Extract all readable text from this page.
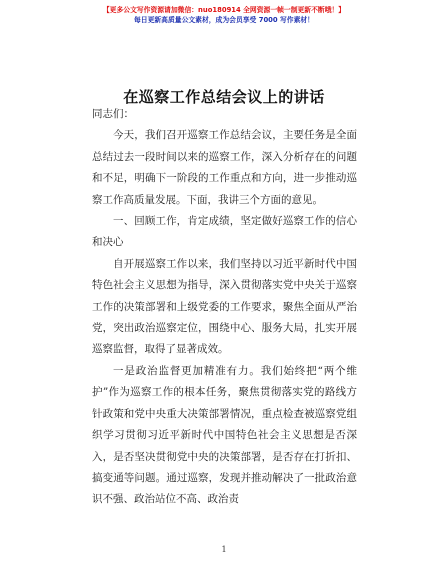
【更多公文写作资源请加微信：nuo180914 全网资源一帧一制更新不断哦！】
每日更新高质量公文素材，成为会员享受 7000 写作素材！
在巡察工作总结会议上的讲话

同志们：

今天，我们召开巡察工作总结会议，主要任务是全面总结过去一段时间以来的巡察工作，深入分析存在的问题和不足，明确下一阶段的工作重点和方向，进一步推动巡察工作高质量发展。下面，我讲三个方面的意见。

一、回顾工作，肯定成绩，坚定做好巡察工作的信心和决心

自开展巡察工作以来，我们坚持以习近平新时代中国特色社会主义思想为指导，深入贯彻落实党中央关于巡察工作的决策部署和上级党委的工作要求，聚焦全面从严治党，突出政治巡察定位，围绕中心、服务大局，扎实开展巡察监督，取得了显著成效。

一是政治监督更加精准有力。我们始终把“两个维护”作为巡察工作的根本任务，聚焦贯彻落实党的路线方针政策和党中央重大决策部署情况，重点检查被巡察党组织学习贯彻习近平新时代中国特色社会主义思想是否深入，是否坚决贯彻党中央的决策部署，是否存在打折扣、搞变通等问题。通过巡察，发现并推动解决了一批政治意识不强、政治站位不高、政治责

1
